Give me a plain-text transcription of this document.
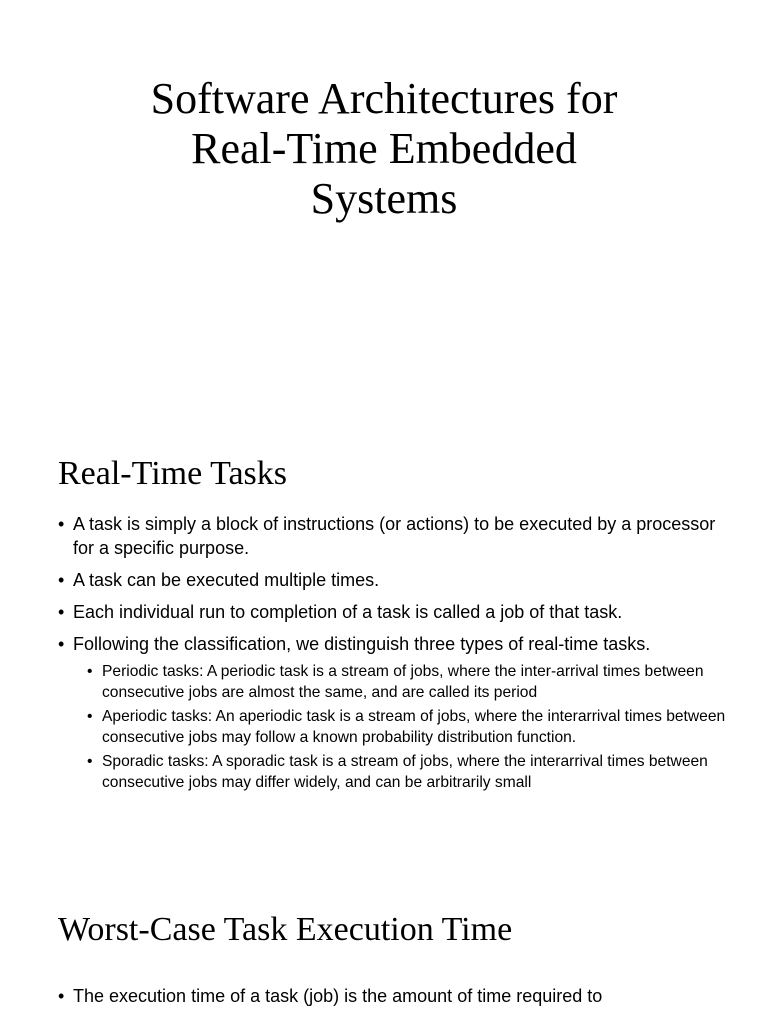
Software Architectures for
Real-Time Embedded
Systems
Real-Time Tasks
• A task is simply a block of instructions (or actions) to be executed by a processor for a specific purpose.
• A task can be executed multiple times.
• Each individual run to completion of a task is called a job of that task.
• Following the classification, we distinguish three types of real-time tasks.
• Periodic tasks: A periodic task is a stream of jobs, where the inter-arrival times between consecutive jobs are almost the same, and are called its period
• Aperiodic tasks: An aperiodic task is a stream of jobs, where the interarrival times between consecutive jobs may follow a known probability distribution function.
• Sporadic tasks: A sporadic task is a stream of jobs, where the interarrival times between consecutive jobs may differ widely, and can be arbitrarily small
Worst-Case Task Execution Time
• The execution time of a task (job) is the amount of time required to
